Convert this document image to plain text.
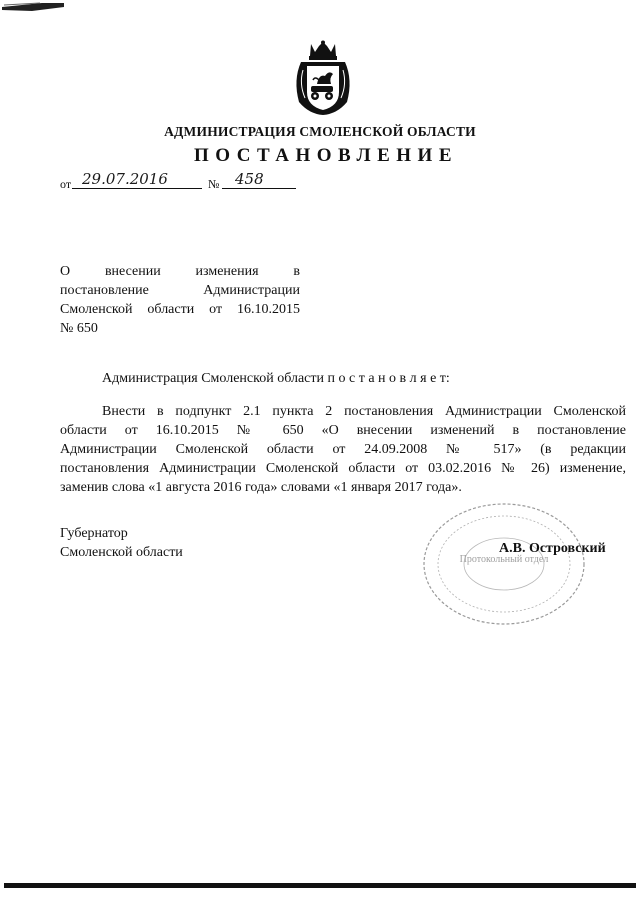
АДМИНИСТРАЦИЯ СМОЛЕНСКОЙ ОБЛАСТИ
ПОСТАНОВЛЕНИЕ
от 29.07.2016	№ 458
О внесении изменения в
постановление Администрации
Смоленской области от 16.10.2015
№ 650
Администрация Смоленской области п о с т а н о в л я е т:
Внести в подпункт 2.1 пункта 2 постановления Администрации Смоленской
области от 16.10.2015 № 650 «О внесении изменений в постановление
Администрации Смоленской области от 24.09.2008 № 517» (в редакции
постановления Администрации Смоленской области от 03.02.2016 № 26) изменение,
заменив слова «1 августа 2016 года» словами «1 января 2017 года».
Губернатор
Смоленской области	Протокольный отдел
А.В. Островский
